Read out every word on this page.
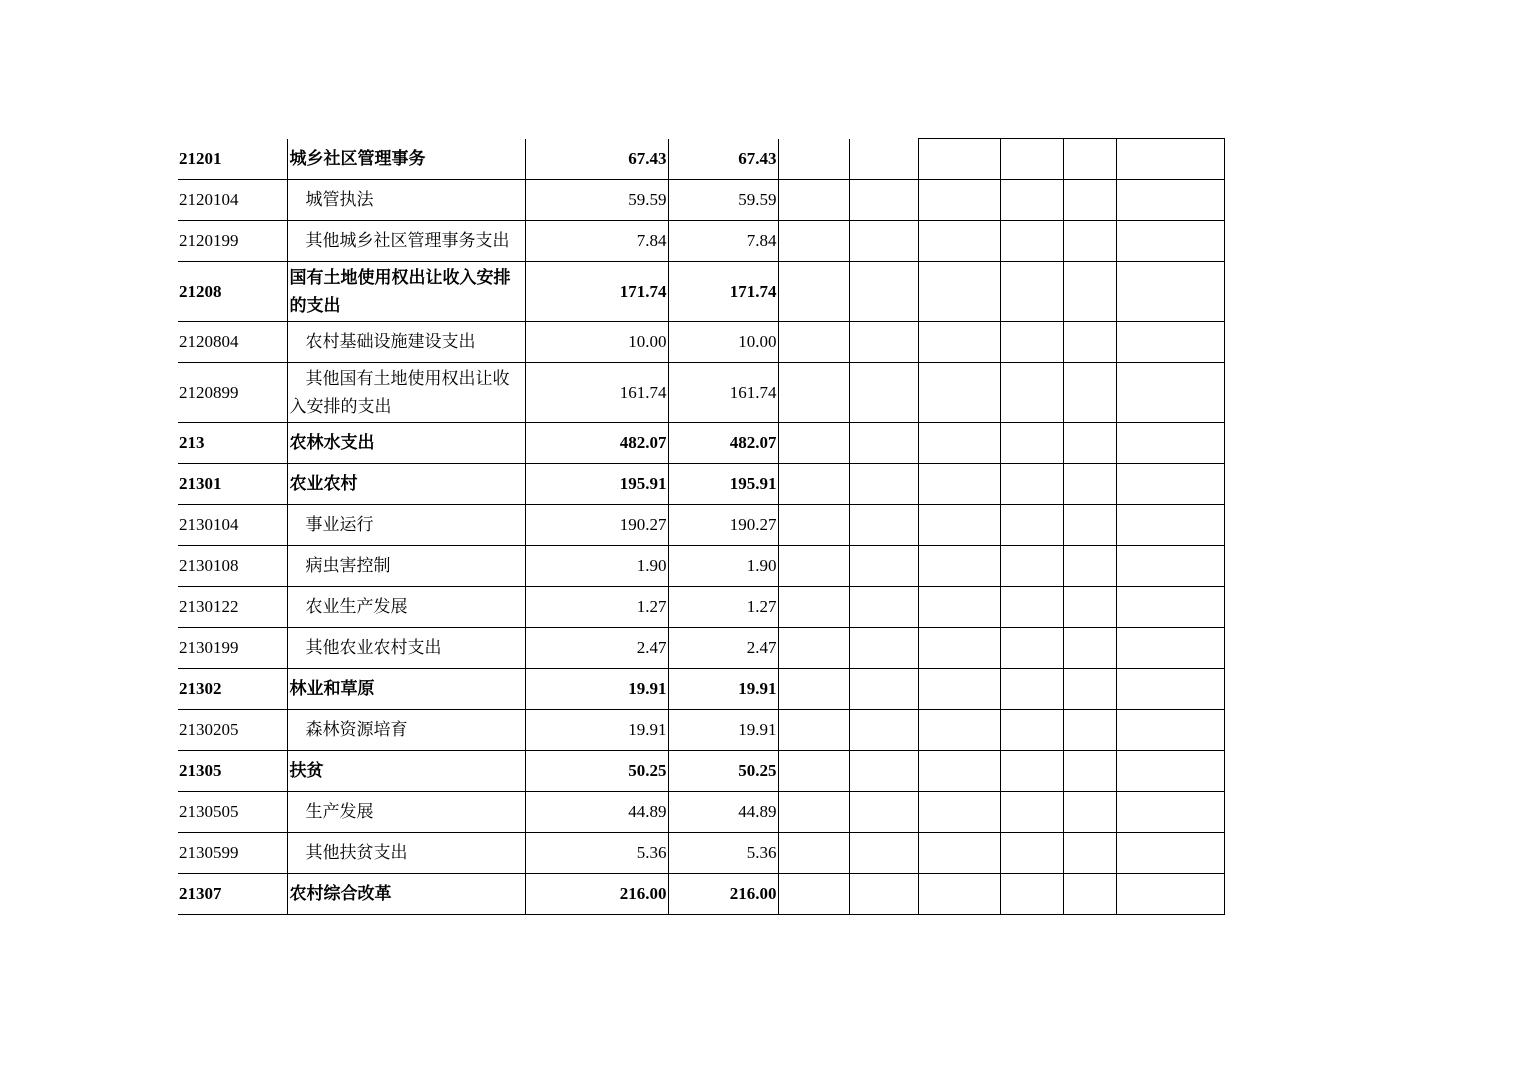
21201	城乡社区管理事务	67.43	67.43						
2120104	城管执法	59.59	59.59						
2120199	其他城乡社区管理事务支出	7.84	7.84						
21208	国有土地使用权出让收入安排的支出	171.74	171.74						
2120804	农村基础设施建设支出	10.00	10.00						
2120899	其他国有土地使用权出让收入安排的支出	161.74	161.74						
213	农林水支出	482.07	482.07						
21301	农业农村	195.91	195.91						
2130104	事业运行	190.27	190.27						
2130108	病虫害控制	1.90	1.90						
2130122	农业生产发展	1.27	1.27						
2130199	其他农业农村支出	2.47	2.47						
21302	林业和草原	19.91	19.91						
2130205	森林资源培育	19.91	19.91						
21305	扶贫	50.25	50.25						
2130505	生产发展	44.89	44.89						
2130599	其他扶贫支出	5.36	5.36						
21307	农村综合改革	216.00	216.00						
